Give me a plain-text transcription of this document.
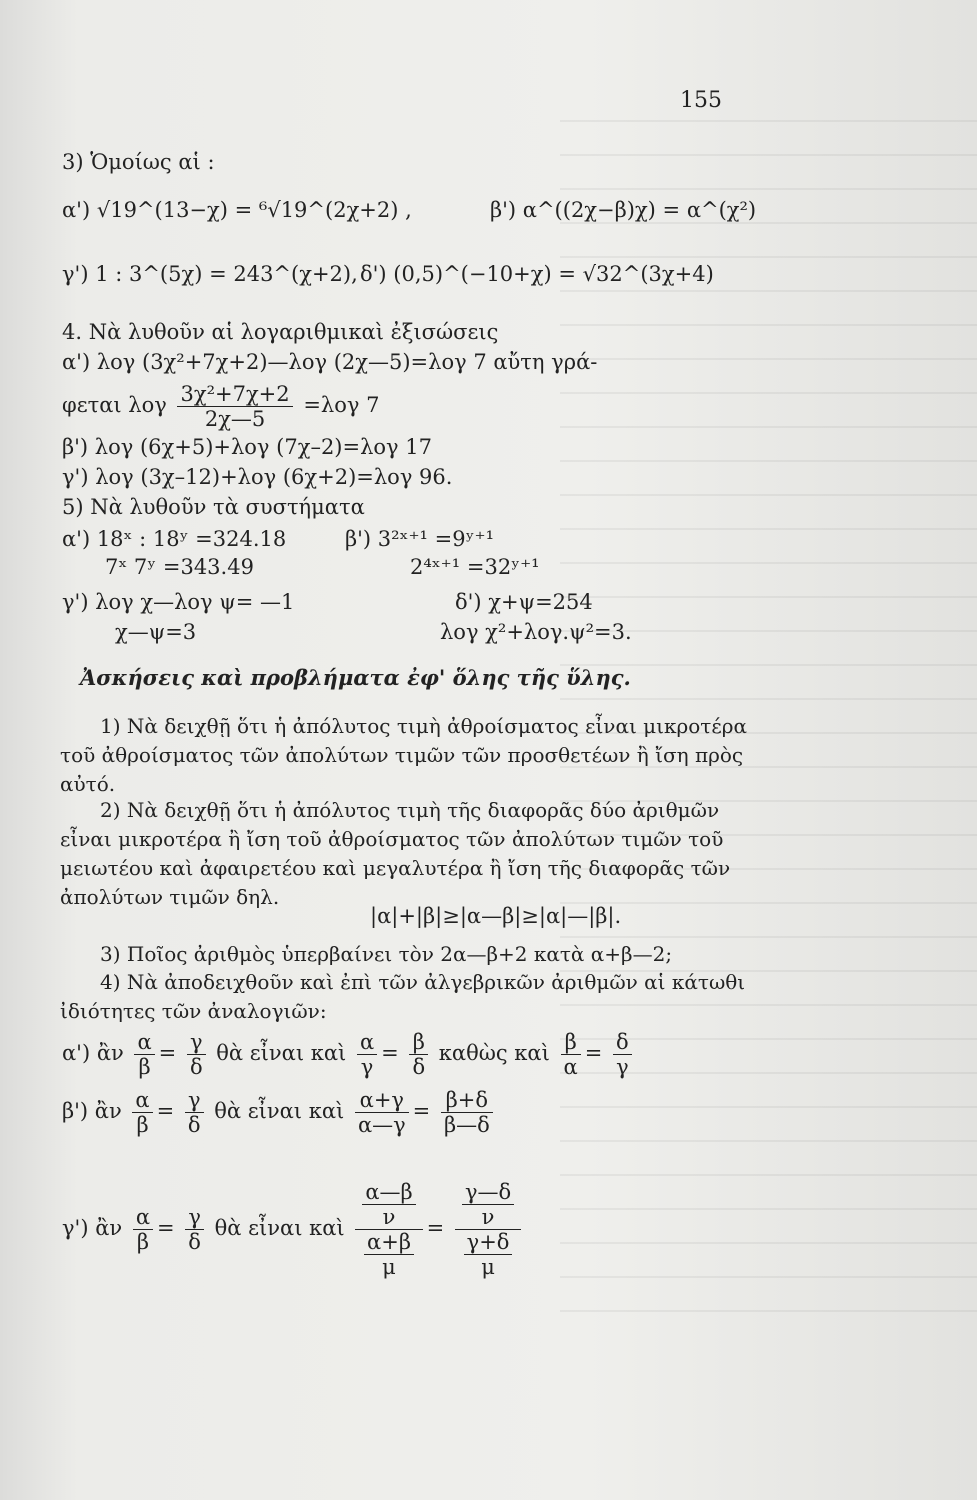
155
3) Ὁμοίως αἱ :
α') √19^(13−χ) = ⁶√19^(2χ+2) ,	β') α^((2χ−β)χ) = α^(χ²)
γ') 1 : 3^(5χ) = 243^(χ+2), δ') (0,5)^(−10+χ) = √32^(3χ+4)
4. Νὰ λυθοῦν αἱ λογαριθμικαὶ ἐξισώσεις
α') λογ (3χ²+7χ+2)—λογ (2χ—5)=λογ 7 αὔτη γρά-
φεται λογ $\frac{\text{3χ²+7χ+2}}{2\chi—5} =\lambda o\gamma$ 7
β') λογ (6χ+5)+λογ (7χ–2)=λογ 17
γ') λογ (3χ–12)+λογ (6χ+2)=λογ 96.
5) Νὰ λυθοῦν τὰ συστήματα
α') 18ˣ : 18ʸ =324.18
7ˣ 7ʸ =343.49
β') 3²ˣ⁺¹ =9ʸ⁺¹
2⁴ˣ⁺¹ =32ʸ⁺¹
γ') λογ χ—λογ ψ= —1
χ—ψ=3
δ') χ+ψ=254
λογ χ²+λογ.ψ²=3.
Ἀσκήσεις καὶ προβλήματα ἐφ' ὅλης τῆς ὕλης.
1) Νὰ δειχθῇ ὅτι ἡ ἀπόλυτος τιμὴ ἀθροίσματος εἶναι μικροτέρα τοῦ ἀθροίσματος τῶν ἀπολύτων τιμῶν τῶν προσθετέων ἢ ἴση πρὸς αὐτό.
2) Νὰ δειχθῇ ὅτι ἡ ἀπόλυτος τιμὴ τῆς διαφορᾶς δύο ἀριθμῶν εἶναι μικροτέρα ἢ ἴση τοῦ ἀθροίσματος τῶν ἀπολύτων τιμῶν τοῦ μειωτέου καὶ ἀφαιρετέου καὶ μεγαλυτέρα ἢ ἴση τῆς διαφορᾶς τῶν ἀπολύτων τιμῶν δηλ.
|α|+|β|≥|α—β|≥|α|—|β|.
3) Ποῖος ἀριθμὸς ὑπερβαίνει τὸν 2α—β+2 κατὰ α+β—2;
4) Νὰ ἀποδειχθοῦν καὶ ἐπὶ τῶν ἀλγεβρικῶν ἀριθμῶν αἱ κάτωθι ἰδιότητες τῶν ἀναλογιῶν:
α') ἂν $\frac{\alpha}{\beta} = \frac{\gamma}{\delta}$ θὰ εἶναι καὶ $\frac{\alpha}{\gamma} = \frac{\beta}{\delta}$ καθὼς καὶ $\frac{\beta}{\alpha} = \frac{\delta}{\gamma}$
β') ἂν $\frac{\alpha}{\beta} = \frac{\gamma}{\delta}$ θὰ εἶναι καὶ $\frac{\alpha+\gamma}{\alpha—\gamma} = \frac{\beta+\delta}{\beta—\delta}$
γ') ἂν $\frac{\alpha}{\beta} = \frac{\gamma}{\delta}$ θὰ εἶναι καὶ $\frac{\frac{\alpha—\beta}{\nu}}{\frac{\alpha+\beta}{\mu}} = \frac{\frac{\gamma—\delta}{\nu}}{\frac{\gamma+\delta}{\mu}}$
